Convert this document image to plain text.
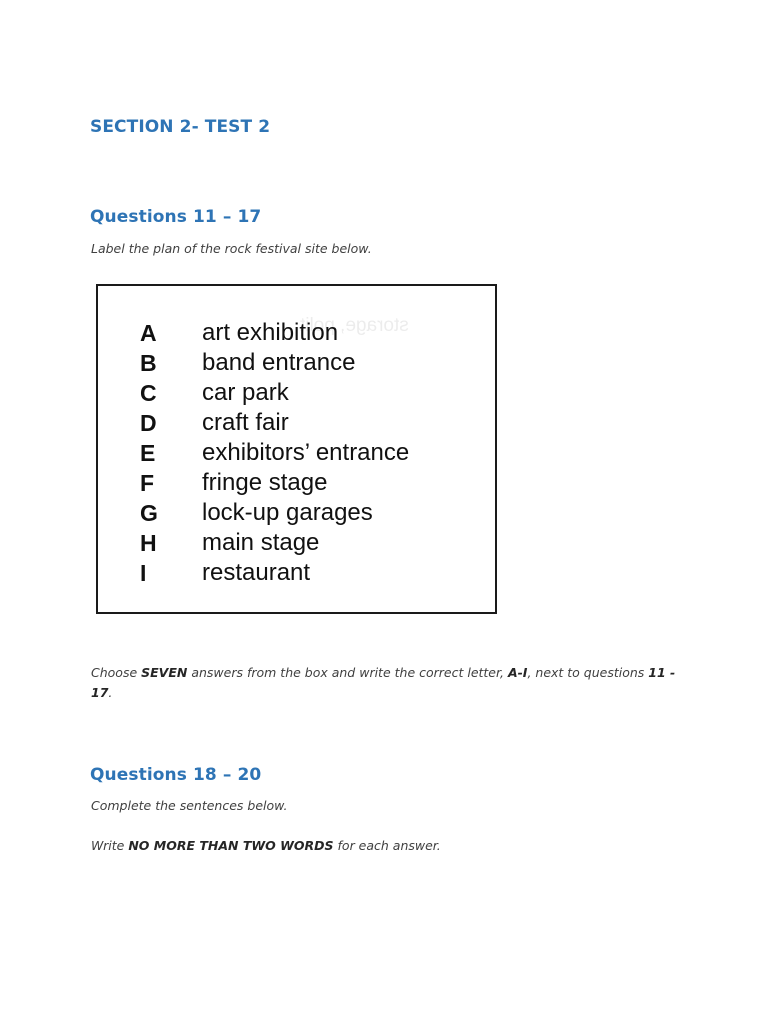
SECTION 2- TEST 2
Questions 11 – 17

Label the plan of the rock festival site below.

A	art exhibition
B	band entrance
C	car park
D	craft fair
E	exhibitors’ entrance
F	fringe stage
G	lock-up garages
H	main stage
I	restaurant
storage, polit

Choose SEVEN answers from the box and write the correct letter, A-I, next to questions 11 - 17.

Questions 18 – 20

Complete the sentences below.

Write NO MORE THAN TWO WORDS for each answer.
